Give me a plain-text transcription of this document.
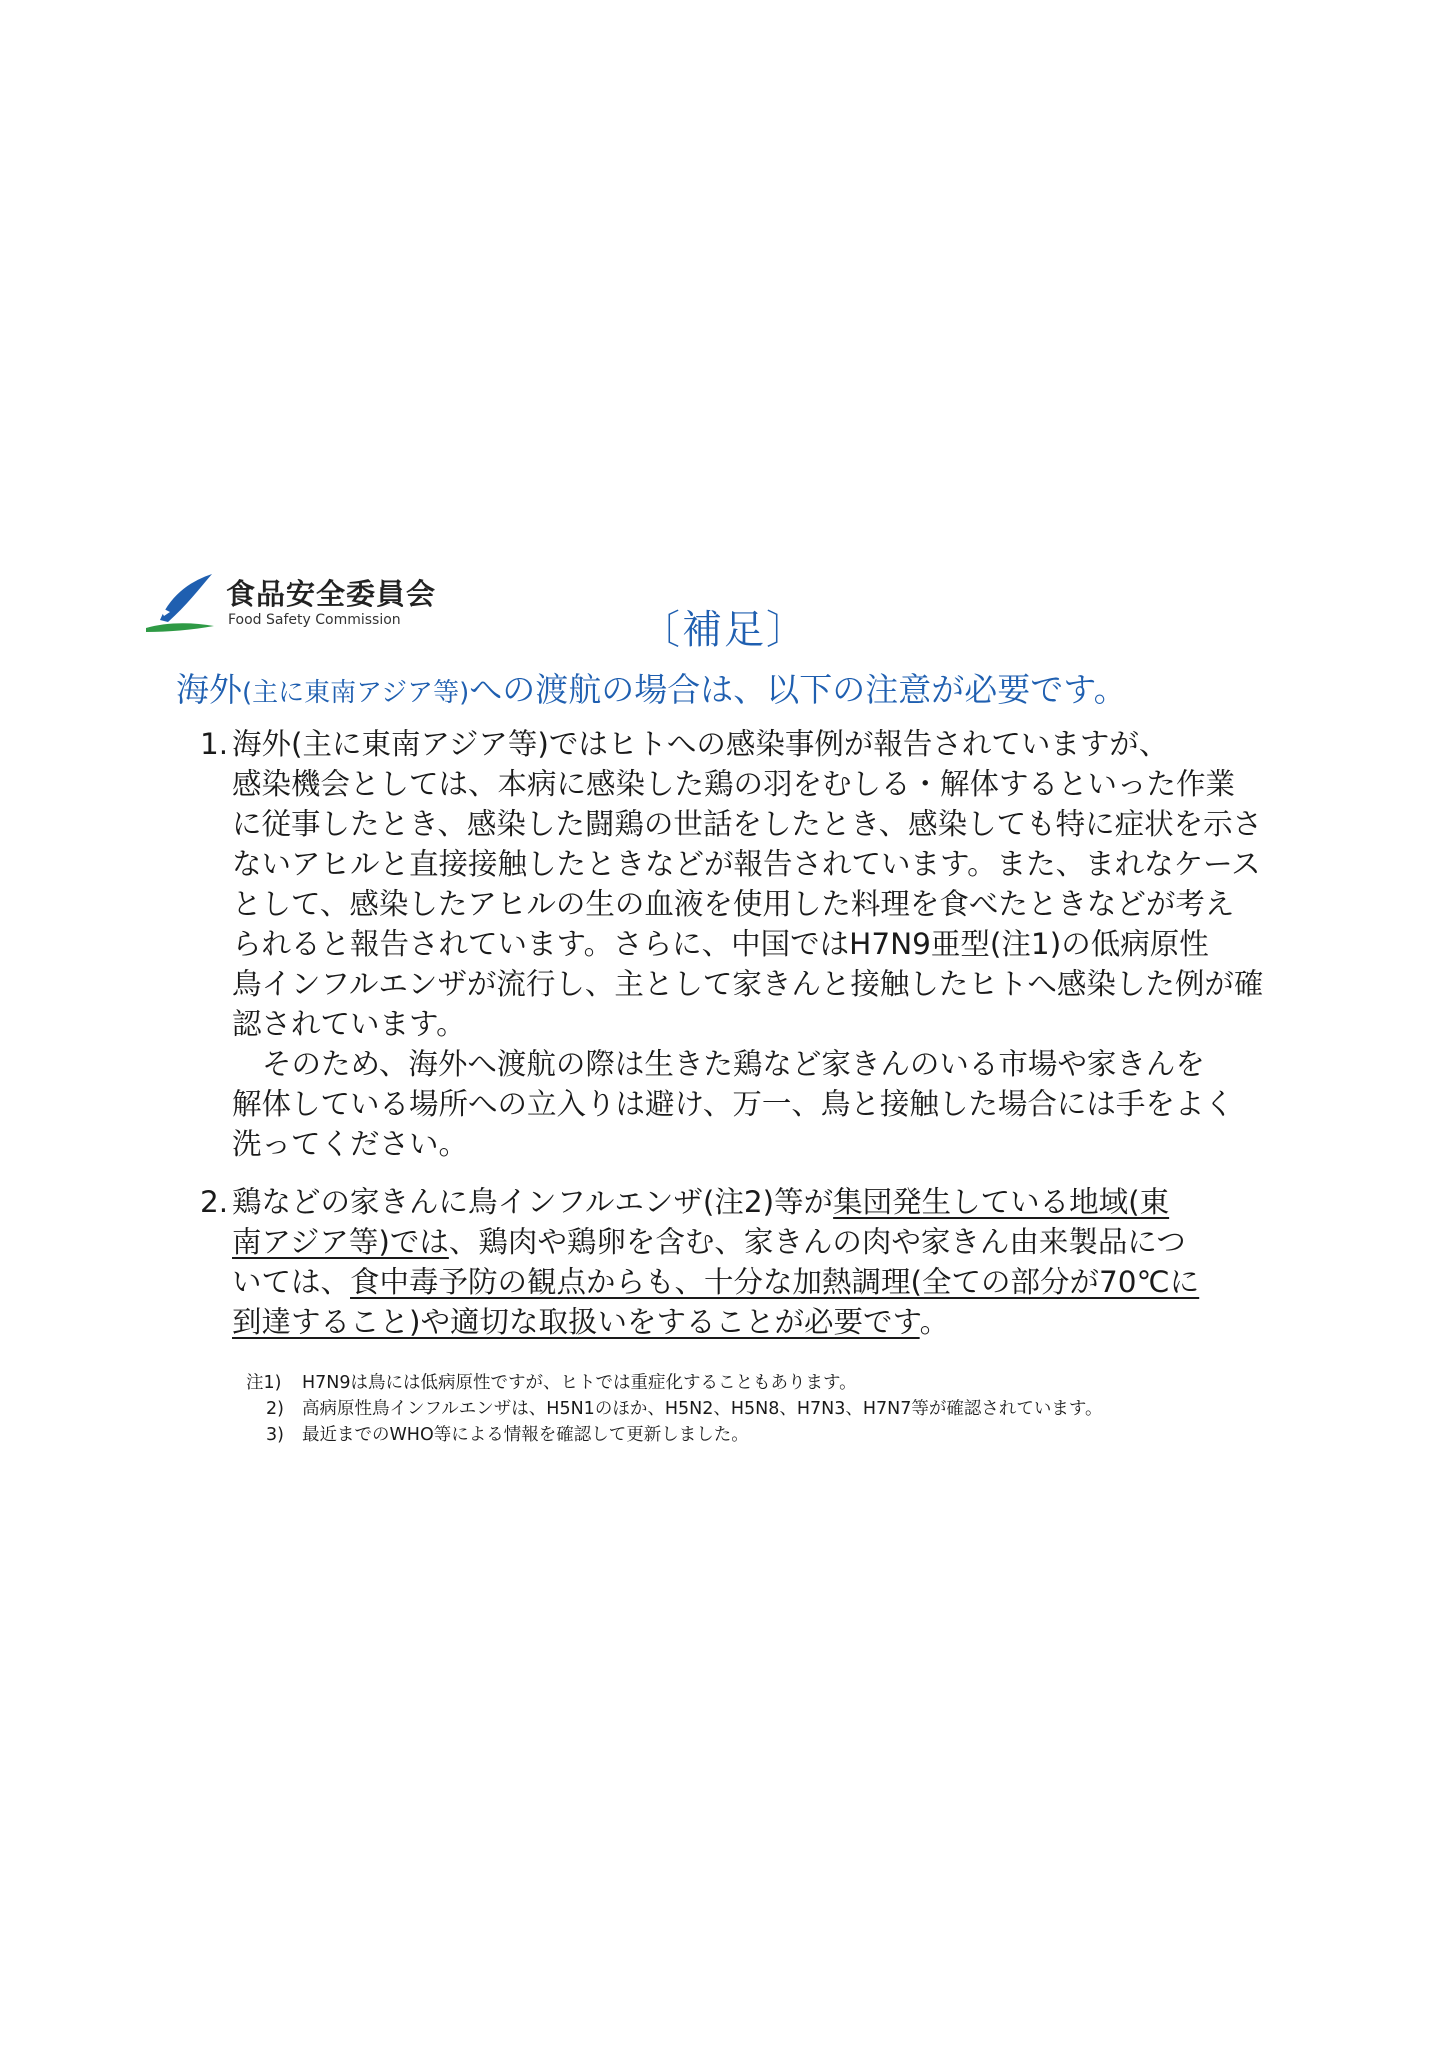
食品安全委員会
Food Safety Commission	〔補足〕
海外(主に東南アジア等)への渡航の場合は、以下の注意が必要です。
1. 海外(主に東南アジア等)ではヒトへの感染事例が報告されていますが、
感染機会としては、本病に感染した鶏の羽をむしる・解体するといった作業
に従事したとき、感染した闘鶏の世話をしたとき、感染しても特に症状を示さ
ないアヒルと直接接触したときなどが報告されています。また、まれなケース
として、感染したアヒルの生の血液を使用した料理を食べたときなどが考え
られると報告されています。さらに、中国ではH7N9亜型(注1)の低病原性
鳥インフルエンザが流行し、主として家きんと接触したヒトへ感染した例が確
認されています。
そのため、海外へ渡航の際は生きた鶏など家きんのいる市場や家きんを
解体している場所への立入りは避け、万一、鳥と接触した場合には手をよく
洗ってください。
2. 鶏などの家きんに鳥インフルエンザ(注2)等が集団発生している地域(東
南アジア等)では、鶏肉や鶏卵を含む、家きんの肉や家きん由来製品につ
いては、食中毒予防の観点からも、十分な加熱調理(全ての部分が70℃に
到達すること)や適切な取扱いをすることが必要です。
注1) H7N9は鳥には低病原性ですが、ヒトでは重症化することもあります。
2) 高病原性鳥インフルエンザは、H5N1のほか、H5N2、H5N8、H7N3、H7N7等が確認されています。
3) 最近までのWHO等による情報を確認して更新しました。
